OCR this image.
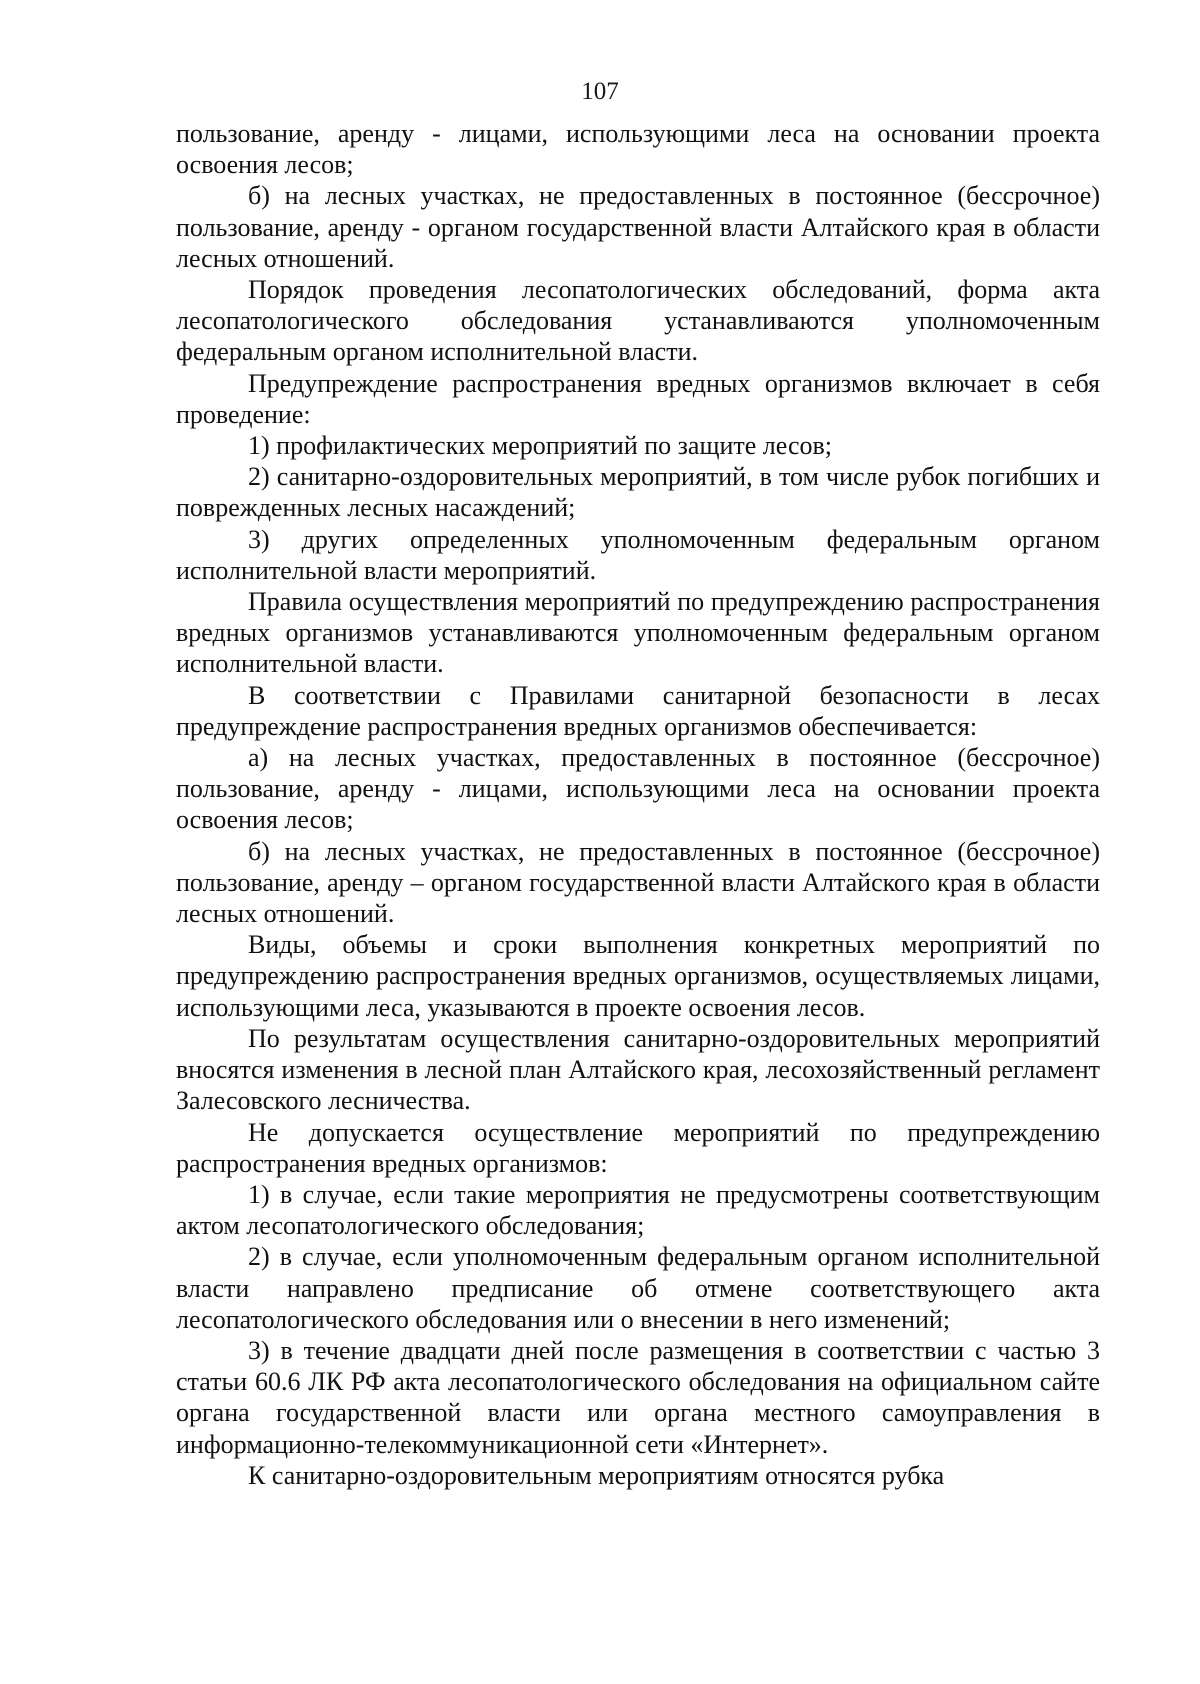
107

пользование, аренду - лицами, использующими леса на основании проекта освоения лесов;

б) на лесных участках, не предоставленных в постоянное (бессрочное) пользование, аренду - органом государственной власти Алтайского края в области лесных отношений.

Порядок проведения лесопатологических обследований, форма акта лесопатологического обследования устанавливаются уполномоченным федеральным органом исполнительной власти.

Предупреждение распространения вредных организмов включает в себя проведение:

1) профилактических мероприятий по защите лесов;

2) санитарно-оздоровительных мероприятий, в том числе рубок погибших и поврежденных лесных насаждений;

3) других определенных уполномоченным федеральным органом исполнительной власти мероприятий.

Правила осуществления мероприятий по предупреждению распространения вредных организмов устанавливаются уполномоченным федеральным органом исполнительной власти.

В соответствии с Правилами санитарной безопасности в лесах предупреждение распространения вредных организмов обеспечивается:

а) на лесных участках, предоставленных в постоянное (бессрочное) пользование, аренду - лицами, использующими леса на основании проекта освоения лесов;

б) на лесных участках, не предоставленных в постоянное (бессрочное) пользование, аренду – органом государственной власти Алтайского края в области лесных отношений.

Виды, объемы и сроки выполнения конкретных мероприятий по предупреждению распространения вредных организмов, осуществляемых лицами, использующими леса, указываются в проекте освоения лесов.

По результатам осуществления санитарно-оздоровительных мероприятий вносятся изменения в лесной план Алтайского края, лесохозяйственный регламент Залесовского лесничества.

Не допускается осуществление мероприятий по предупреждению распространения вредных организмов:

1) в случае, если такие мероприятия не предусмотрены соответствующим актом лесопатологического обследования;

2) в случае, если уполномоченным федеральным органом исполнительной власти направлено предписание об отмене соответствующего акта лесопатологического обследования или о внесении в него изменений;

3) в течение двадцати дней после размещения в соответствии с частью 3 статьи 60.6 ЛК РФ акта лесопатологического обследования на официальном сайте органа государственной власти или органа местного самоуправления в информационно-телекоммуникационной сети «Интернет».

К санитарно-оздоровительным мероприятиям относятся рубка
